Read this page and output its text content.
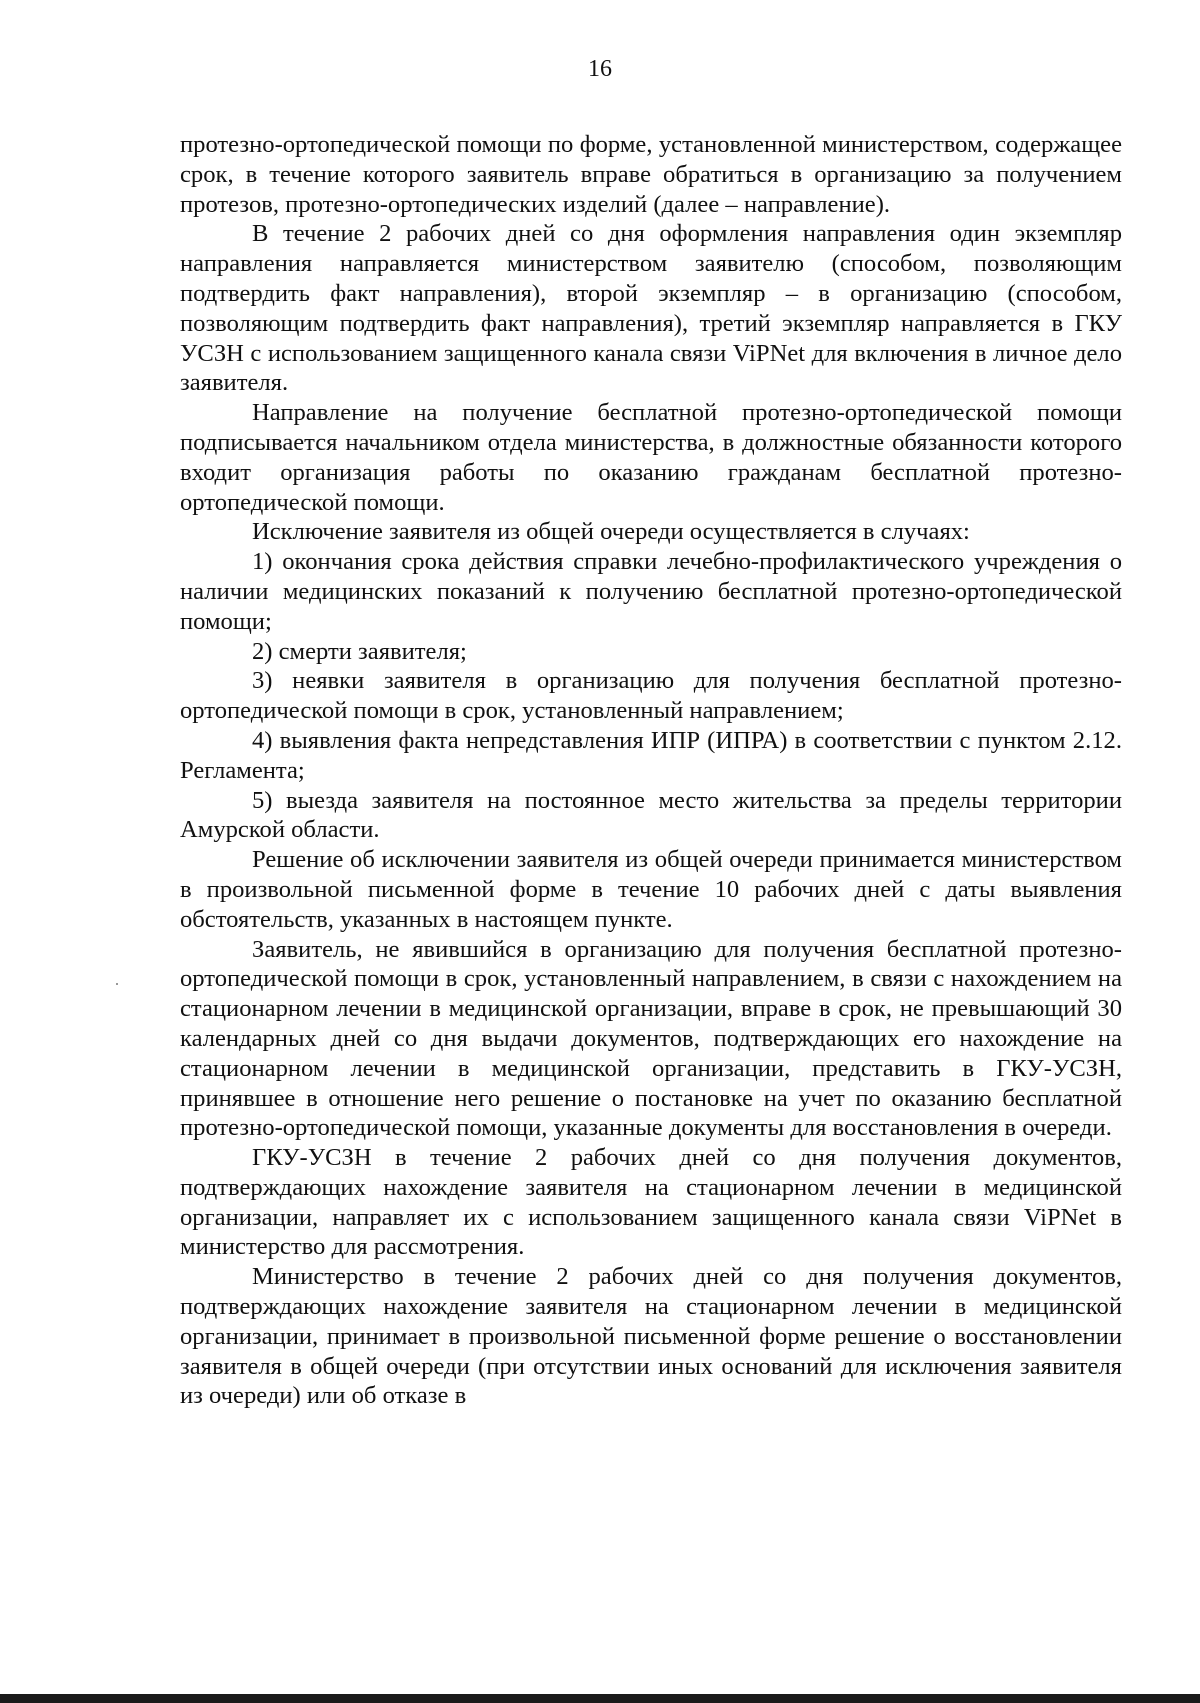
16

протезно-ортопедической помощи по форме, установленной министерством, содержащее срок, в течение которого заявитель вправе обратиться в организацию за получением протезов, протезно-ортопедических изделий (далее – направление).

В течение 2 рабочих дней со дня оформления направления один экземпляр направления направляется министерством заявителю (способом, позволяющим подтвердить факт направления), второй экземпляр – в организацию (способом, позволяющим подтвердить факт направления), третий экземпляр направляется в ГКУ УСЗН с использованием защищенного канала связи ViPNet для включения в личное дело заявителя.

Направление на получение бесплатной протезно-ортопедической помощи подписывается начальником отдела министерства, в должностные обязанности которого входит организация работы по оказанию гражданам бесплатной протезно-ортопедической помощи.

Исключение заявителя из общей очереди осуществляется в случаях:

1) окончания срока действия справки лечебно-профилактического учреждения о наличии медицинских показаний к получению бесплатной протезно-ортопедической помощи;

2) смерти заявителя;

3) неявки заявителя в организацию для получения бесплатной протезно-ортопедической помощи в срок, установленный направлением;

4) выявления факта непредставления ИПР (ИПРА) в соответствии с пунктом 2.12. Регламента;

5) выезда заявителя на постоянное место жительства за пределы территории Амурской области.

Решение об исключении заявителя из общей очереди принимается министерством в произвольной письменной форме в течение 10 рабочих дней с даты выявления обстоятельств, указанных в настоящем пункте.

Заявитель, не явившийся в организацию для получения бесплатной протезно-ортопедической помощи в срок, установленный направлением, в связи с нахождением на стационарном лечении в медицинской организации, вправе в срок, не превышающий 30 календарных дней со дня выдачи документов, подтверждающих его нахождение на стационарном лечении в медицинской организации, представить в ГКУ-УСЗН, принявшее в отношение него решение о постановке на учет по оказанию бесплатной протезно-ортопедической помощи, указанные документы для восстановления в очереди.

ГКУ-УСЗН в течение 2 рабочих дней со дня получения документов, подтверждающих нахождение заявителя на стационарном лечении в медицинской организации, направляет их с использованием защищенного канала связи ViPNet в министерство для рассмотрения.

Министерство в течение 2 рабочих дней со дня получения документов, подтверждающих нахождение заявителя на стационарном лечении в медицинской организации, принимает в произвольной письменной форме решение о восстановлении заявителя в общей очереди (при отсутствии иных оснований для исключения заявителя из очереди) или об отказе в
